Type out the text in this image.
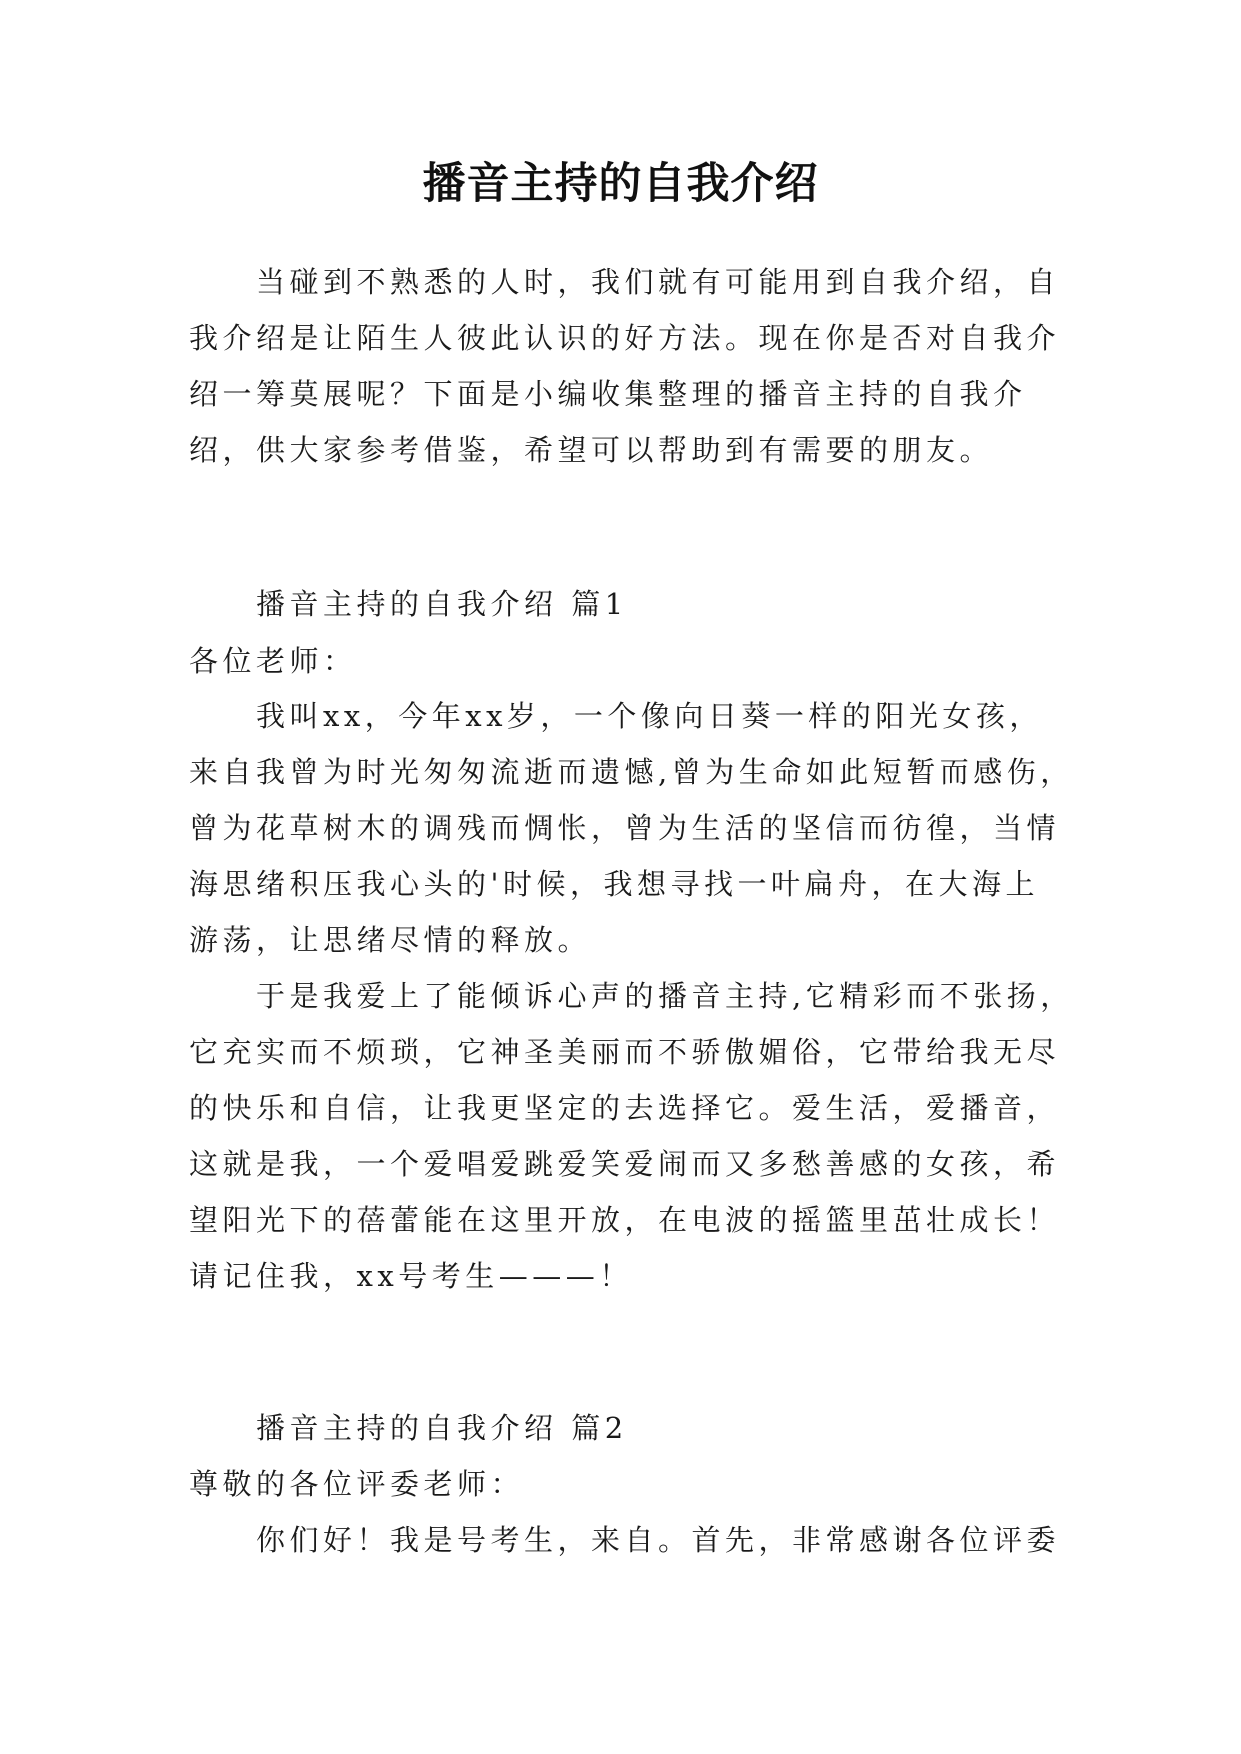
播音主持的自我介绍
当碰到不熟悉的人时，我们就有可能用到自我介绍，自
我介绍是让陌生人彼此认识的好方法。现在你是否对自我介
绍一筹莫展呢？下面是小编收集整理的播音主持的自我介
绍，供大家参考借鉴，希望可以帮助到有需要的朋友。
播音主持的自我介绍 篇1
各位老师：
我叫xx，今年xx岁，一个像向日葵一样的阳光女孩，
来自我曾为时光匆匆流逝而遗憾,曾为生命如此短暂而感伤，
曾为花草树木的调残而惆怅，曾为生活的坚信而彷徨，当情
海思绪积压我心头的'时候，我想寻找一叶扁舟，在大海上
游荡，让思绪尽情的释放。
于是我爱上了能倾诉心声的播音主持,它精彩而不张扬，
它充实而不烦琐，它神圣美丽而不骄傲媚俗，它带给我无尽
的快乐和自信，让我更坚定的去选择它。爱生活，爱播音，
这就是我，一个爱唱爱跳爱笑爱闹而又多愁善感的女孩，希
望阳光下的蓓蕾能在这里开放，在电波的摇篮里茁壮成长！
请记住我，xx号考生———！
播音主持的自我介绍 篇2
尊敬的各位评委老师：
你们好！我是号考生，来自。首先，非常感谢各位评委
